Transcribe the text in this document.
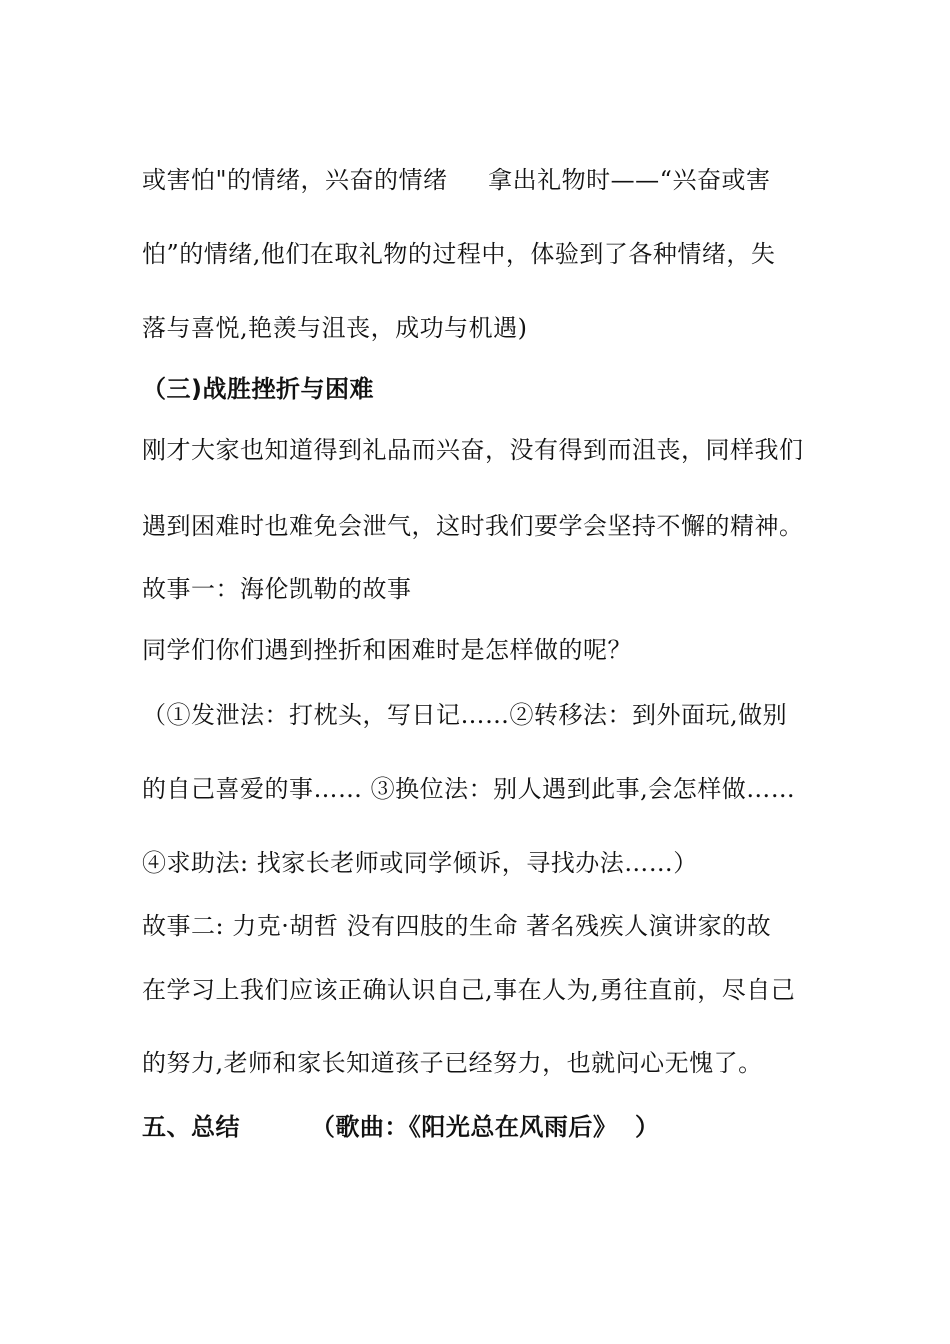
或害怕"的情绪，兴奋的情绪     拿出礼物时——“兴奋或害
怕”的情绪,他们在取礼物的过程中，体验到了各种情绪，失
落与喜悦,艳羡与沮丧，成功与机遇)
（三)战胜挫折与困难
刚才大家也知道得到礼品而兴奋，没有得到而沮丧，同样我们
遇到困难时也难免会泄气，这时我们要学会坚持不懈的精神。
故事一：海伦凯勒的故事
同学们你们遇到挫折和困难时是怎样做的呢？
（①发泄法：打枕头，写日记……②转移法：到外面玩,做别
的自己喜爱的事…… ③换位法：别人遇到此事,会怎样做……
④求助法: 找家长老师或同学倾诉，寻找办法……）
故事二: 力克·胡哲 没有四肢的生命 著名残疾人演讲家的故
在学习上我们应该正确认识自己,事在人为,勇往直前，尽自己
的努力,老师和家长知道孩子已经努力，也就问心无愧了。
五、总结        （歌曲：《阳光总在风雨后》  ）
